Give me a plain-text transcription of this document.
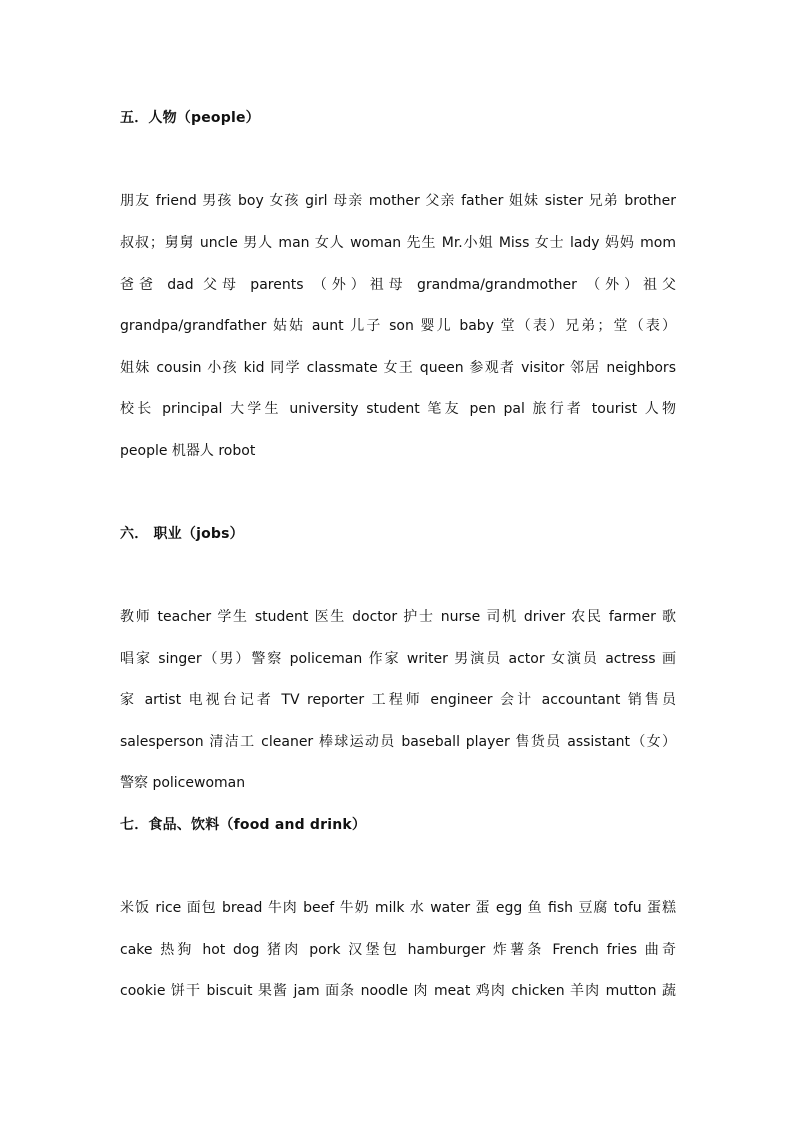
五．人物（people）
朋友 friend 男孩 boy 女孩 girl 母亲 mother 父亲 father 姐妹 sister 兄弟 brother
叔叔；舅舅 uncle 男人 man 女人 woman 先生 Mr.小姐 Miss 女士 lady 妈妈 mom
爸爸 dad 父母 parents （外）祖母 grandma/grandmother （外）祖父
grandpa/grandfather 姑姑 aunt 儿子 son 婴儿 baby 堂（表）兄弟；堂（表）
姐妹 cousin 小孩 kid 同学 classmate 女王 queen 参观者 visitor 邻居 neighbors
校长 principal 大学生 university student 笔友 pen pal 旅行者 tourist 人物
people 机器人 robot
六． 职业（jobs）
教师 teacher 学生 student 医生 doctor 护士 nurse 司机 driver 农民 farmer 歌
唱家 singer（男）警察 policeman 作家 writer 男演员 actor 女演员 actress 画
家 artist 电视台记者 TV reporter 工程师 engineer 会计 accountant 销售员
salesperson 清洁工 cleaner 棒球运动员 baseball player 售货员 assistant（女）
警察 policewoman
七．食品、饮料（food and drink）
米饭 rice 面包 bread 牛肉 beef 牛奶 milk 水 water 蛋 egg 鱼 fish 豆腐 tofu 蛋糕
cake 热狗 hot dog 猪肉 pork 汉堡包 hamburger 炸薯条 French fries 曲奇
cookie 饼干 biscuit 果酱 jam 面条 noodle 肉 meat 鸡肉 chicken 羊肉 mutton 蔬
